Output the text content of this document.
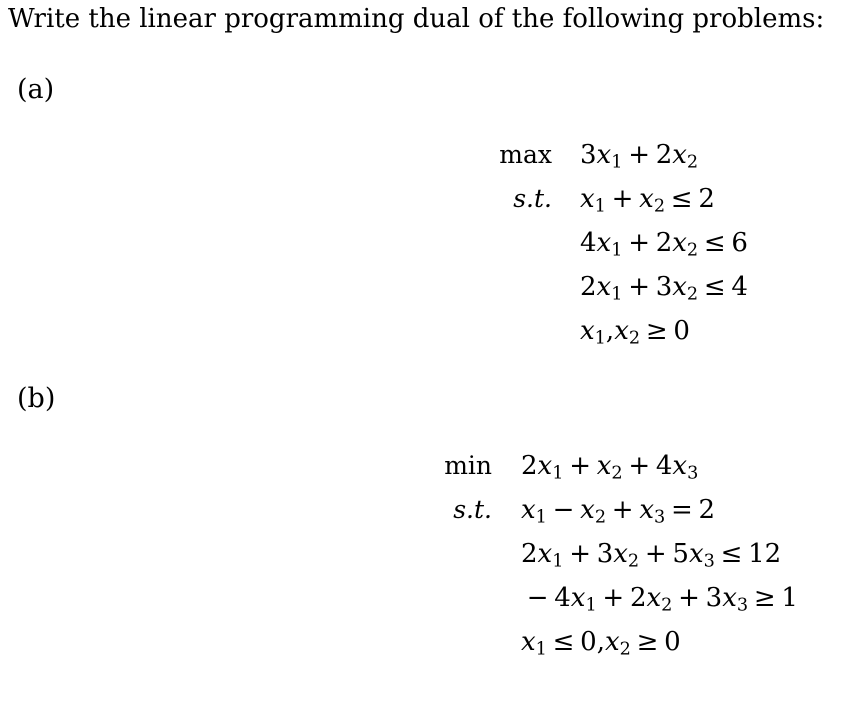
Write the linear programming dual of the following problems:
(a)
(b)
$\max 3x_1 + 2x_2$
s.t. $x_1 + x_2 \le 2$
$4x_1 + 2x_2 \le 6$
$2x_1 + 3x_2 \le 4$
$x_1,x_2 \ge 0$
$\min 2x_1 + x_2 + 4x_3$
s.t. $x_1 - x_2 + x_3 = 2$
$2x_1 + 3x_2 + 5x_3 \le 12$
− $4x_1 + 2x_2 + 3x_3 \ge 1$
$x_1 \le 0,x_2 \ge 0$
